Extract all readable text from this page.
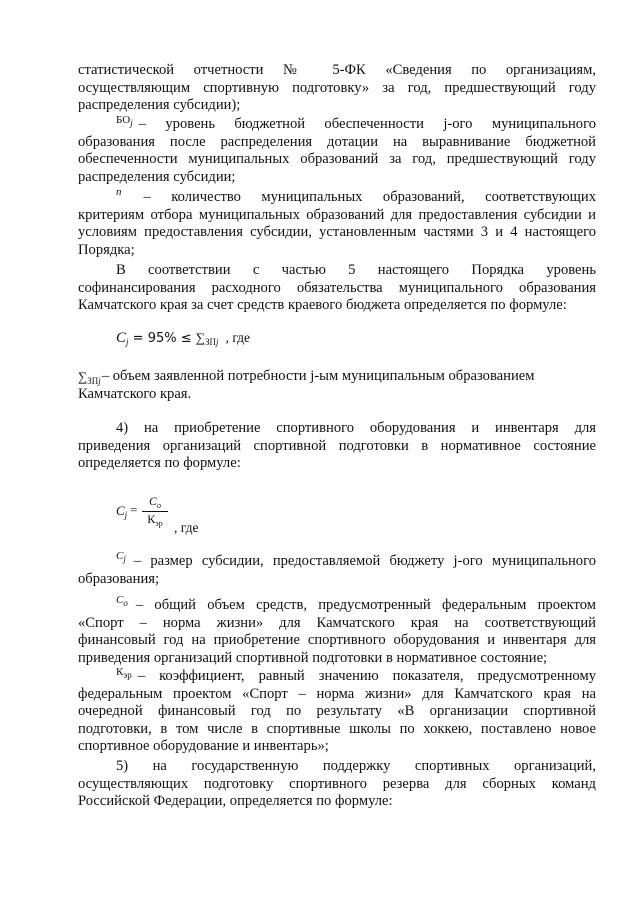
статистической отчетности № 5-ФК «Сведения по организациям,
осуществляющим спортивную подготовку» за год, предшествующий году
распределения субсидии);
$БО_j$ – уровень бюджетной обеспеченности j-ого муниципального
образования после распределения дотации на выравнивание бюджетной
обеспеченности муниципальных образований за год, предшествующий году
распределения субсидии;
n	– количество муниципальных образований, соответствующих
критериям отбора муниципальных образований для предоставления субсидии и
условиям предоставления субсидии, установленным частями 3 и 4 настоящего
Порядка;
В соответствии с частью 5 настоящего Порядка уровень
софинансирования расходного обязательства муниципального образования
Камчатского края за счет средств краевого бюджета определяется по формуле:
$C_j = 95\% \le \sum_{ЗПj}$ , где
∑ ЗПj – объем заявленной потребности j-ым муниципальным образованием
Камчатского края.
4) на приобретение спортивного оборудования и инвентаря для
приведения организаций спортивной подготовки в нормативное состояние
определяется по формуле:
$C_j$ =
$C_o$
$К_{эр}$ , где
$C_j$ – размер субсидии, предоставляемой бюджету j-ого муниципального
образования;
$C_o$ – общий объем средств, предусмотренный федеральным проектом
«Спорт – норма жизни» для Камчатского края на соответствующий
финансовый год на приобретение спортивного оборудования и инвентаря для
приведения организаций спортивной подготовки в нормативное состояние;
$К_{эр}$ – коэффициент, равный значению показателя, предусмотренному
федеральным проектом «Спорт – норма жизни» для Камчатского края на
очередной финансовый год по результату «В организации спортивной
подготовки, в том числе в спортивные школы по хоккею, поставлено новое
спортивное оборудование и инвентарь»;
5) на государственную поддержку спортивных организаций,
осуществляющих подготовку спортивного резерва для сборных команд
Российской Федерации, определяется по формуле:
